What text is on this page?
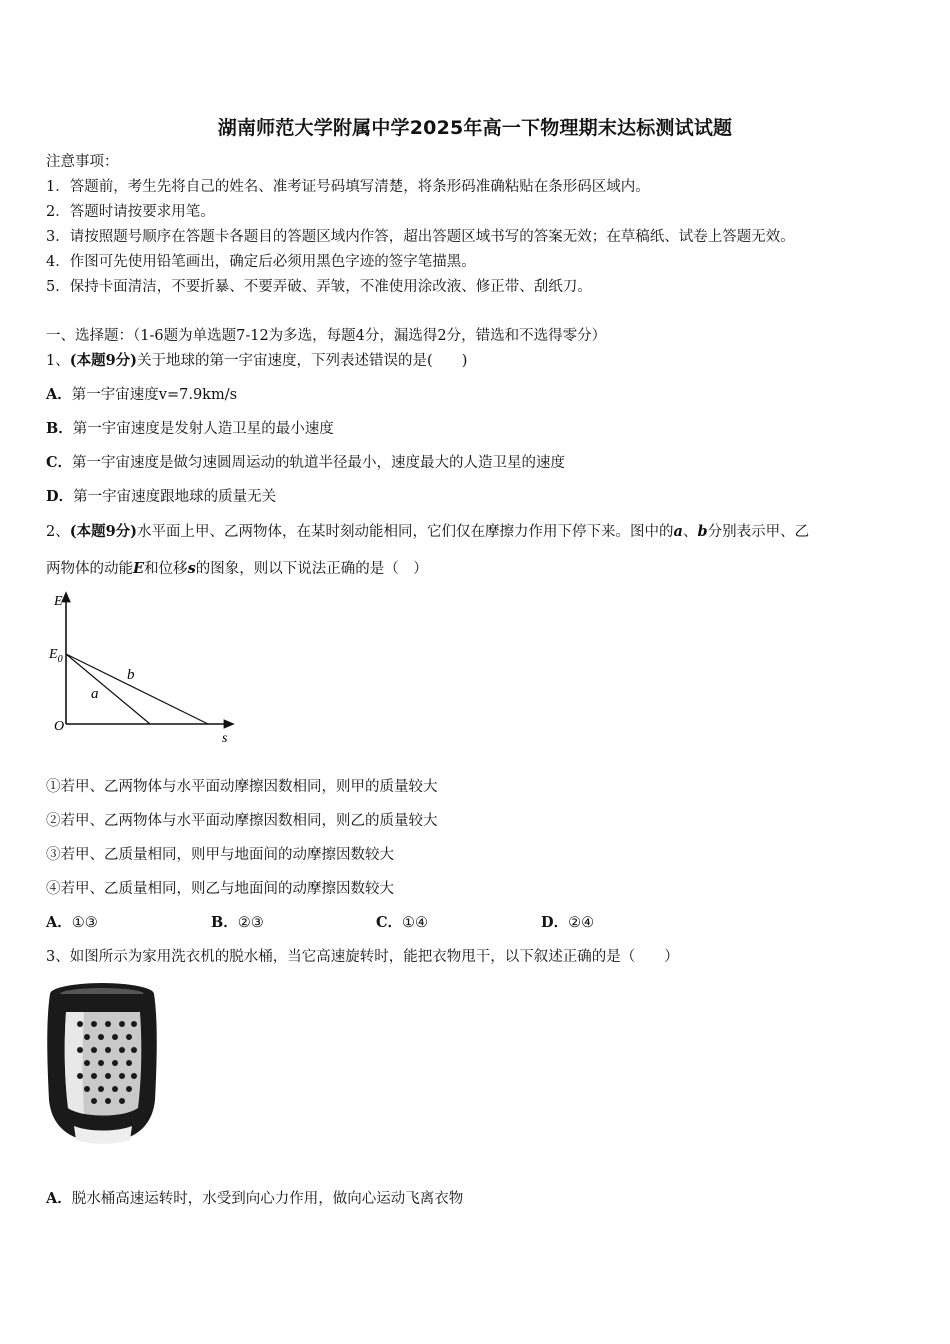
湖南师范大学附属中学2025年高一下物理期末达标测试试题
注意事项：
1．答题前，考生先将自己的姓名、准考证号码填写清楚，将条形码准确粘贴在条形码区域内。
2．答题时请按要求用笔。
3．请按照题号顺序在答题卡各题目的答题区域内作答，超出答题区域书写的答案无效；在草稿纸、试卷上答题无效。
4．作图可先使用铅笔画出，确定后必须用黑色字迹的签字笔描黑。
5．保持卡面清洁，不要折暴、不要弄破、弄皱，不准使用涂改液、修正带、刮纸刀。
一、选择题：（1-6题为单选题7-12为多选，每题4分，漏选得2分，错选和不选得零分）
1、(本题9分)关于地球的第一宇宙速度，下列表述错误的是(　　)
A．第一宇宙速度v=7.9km/s
B．第一宇宙速度是发射人造卫星的最小速度
C．第一宇宙速度是做匀速圆周运动的轨道半径最小，速度最大的人造卫星的速度
D．第一宇宙速度跟地球的质量无关
2、(本题9分)水平面上甲、乙两物体，在某时刻动能相同，它们仅在摩擦力作用下停下来。图中的a、b分别表示甲、乙
两物体的动能E和位移s的图象，则以下说法正确的是（　）
E
$E_0$
O
s
a
b
①若甲、乙两物体与水平面动摩擦因数相同，则甲的质量较大
②若甲、乙两物体与水平面动摩擦因数相同，则乙的质量较大
③若甲、乙质量相同，则甲与地面间的动摩擦因数较大
④若甲、乙质量相同，则乙与地面间的动摩擦因数较大
A．①③	B．②③	C．①④	D．②④
3、如图所示为家用洗衣机的脱水桶，当它高速旋转时，能把衣物甩干，以下叙述正确的是（　　）
A．脱水桶高速运转时，水受到向心力作用，做向心运动飞离衣物
